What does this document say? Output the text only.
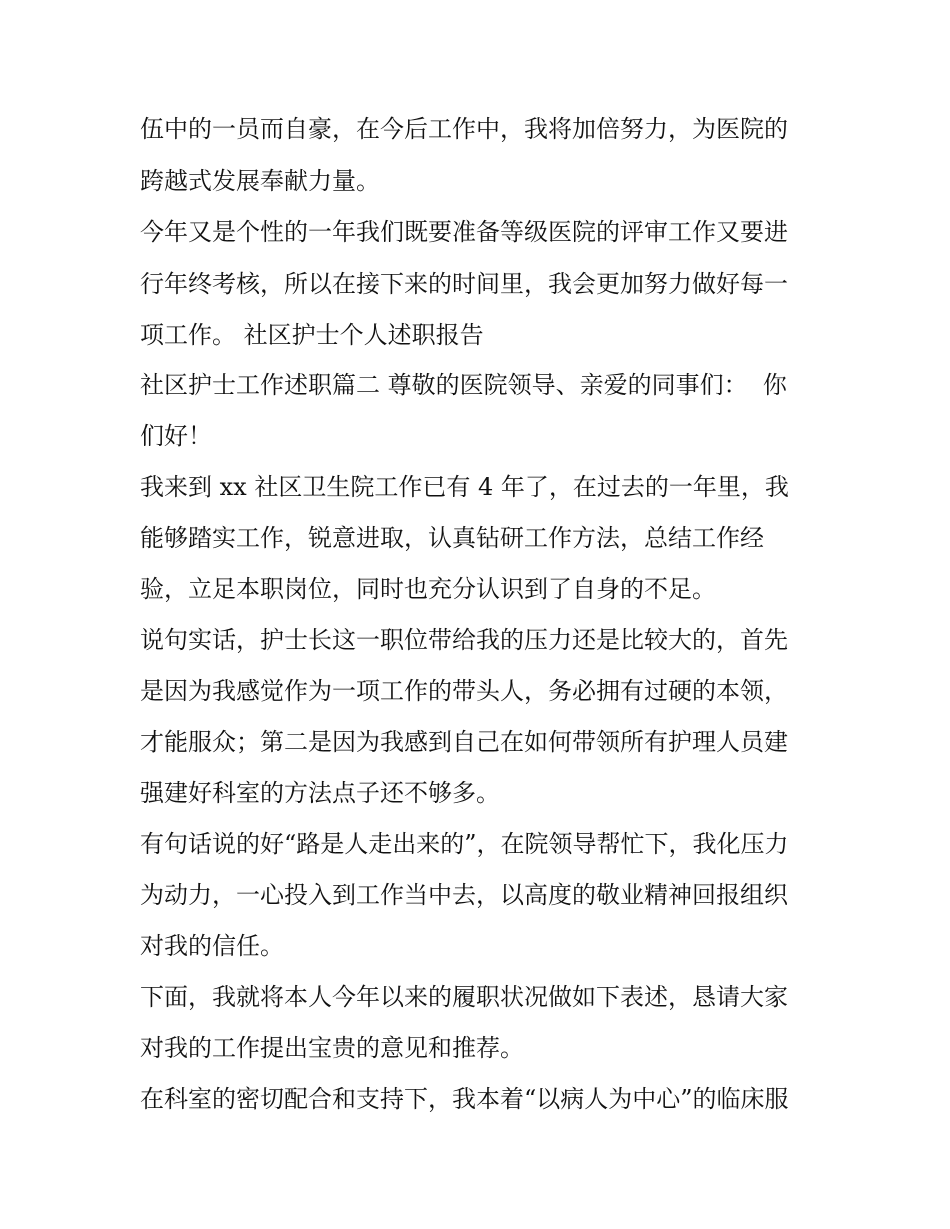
伍中的一员而自豪，在今后工作中，我将加倍努力，为医院的
跨越式发展奉献力量。
今年又是个性的一年我们既要准备等级医院的评审工作又要进
行年终考核，所以在接下来的时间里，我会更加努力做好每一
项工作。 社区护士个人述职报告
社区护士工作述职篇二 尊敬的医院领导、亲爱的同事们：  你
们好！
我来到 xx 社区卫生院工作已有 4 年了，在过去的一年里，我
能够踏实工作，锐意进取，认真钻研工作方法，总结工作经
验，立足本职岗位，同时也充分认识到了自身的不足。
说句实话，护士长这一职位带给我的压力还是比较大的，首先
是因为我感觉作为一项工作的带头人，务必拥有过硬的本领，
才能服众；第二是因为我感到自己在如何带领所有护理人员建
强建好科室的方法点子还不够多。
有句话说的好“路是人走出来的”，在院领导帮忙下，我化压力
为动力，一心投入到工作当中去，以高度的敬业精神回报组织
对我的信任。
下面，我就将本人今年以来的履职状况做如下表述，恳请大家
对我的工作提出宝贵的意见和推荐。
在科室的密切配合和支持下，我本着“以病人为中心”的临床服
